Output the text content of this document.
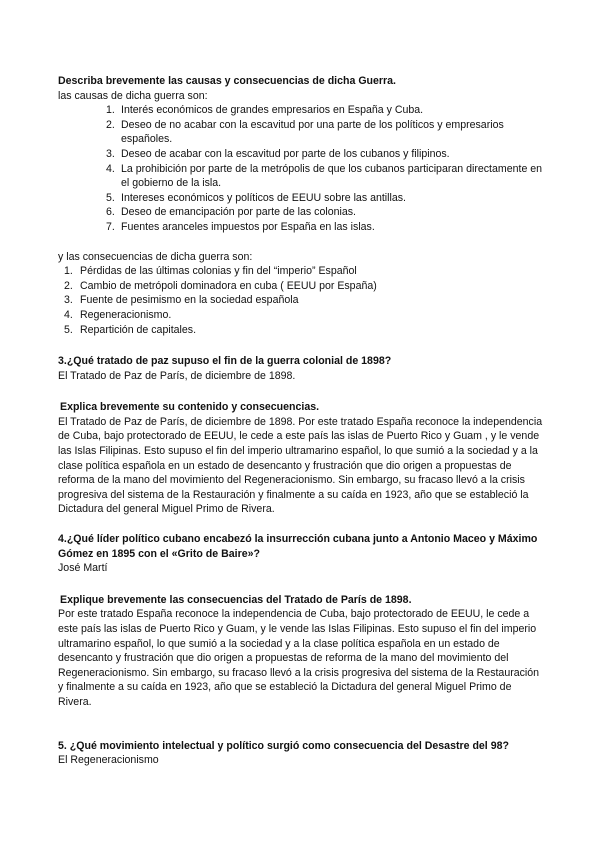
Describa brevemente las causas y consecuencias de dicha Guerra.

las causas de dicha guerra son:

1. Interés económicos de grandes empresarios en España y Cuba.
2. Deseo de no acabar con la escavitud por una parte de los políticos y empresarios españoles.
3. Deseo de acabar con la escavitud por parte de los cubanos y filipinos.
4. La prohibición por parte de la metrópolis de que los cubanos participaran directamente en el gobierno de la isla.
5. Intereses económicos y políticos de EEUU sobre las antillas.
6. Deseo de emancipación por parte de las colonias.
7. Fuentes aranceles impuestos por España en las islas.

y las consecuencias de dicha guerra son:

1. Pérdidas de las últimas colonias y fin del “imperio” Español
2. Cambio de metrópoli dominadora en cuba ( EEUU por España)
3. Fuente de pesimismo en la sociedad española
4. Regeneracionismo.
5. Repartición de capitales.

3.¿Qué tratado de paz supuso el fin de la guerra colonial de 1898?

El Tratado de Paz de París, de diciembre de 1898.

Explica brevemente su contenido y consecuencias.

El Tratado de Paz de París, de diciembre de 1898. Por este tratado España reconoce la independencia de Cuba, bajo protectorado de EEUU, le cede a este país las islas de Puerto Rico y Guam , y le vende las Islas Filipinas. Esto supuso el fin del imperio ultramarino español, lo que sumió a la sociedad y a la clase política española en un estado de desencanto y frustración que dio origen a propuestas de reforma de la mano del movimiento del Regeneracionismo. Sin embargo, su fracaso llevó a la crisis progresiva del sistema de la Restauración y finalmente a su caída en 1923, año que se estableció la Dictadura del general Miguel Primo de Rivera.

4.¿Qué líder político cubano encabezó la insurrección cubana junto a Antonio Maceo y Máximo Gómez en 1895 con el «Grito de Baire»?

José Martí

Explique brevemente las consecuencias del Tratado de París de 1898.

Por este tratado España reconoce la independencia de Cuba, bajo protectorado de EEUU, le cede a este país las islas de Puerto Rico y Guam, y le vende las Islas Filipinas. Esto supuso el fin del imperio ultramarino español, lo que sumió a la sociedad y a la clase política española en un estado de desencanto y frustración que dio origen a propuestas de reforma de la mano del movimiento del Regeneracionismo. Sin embargo, su fracaso llevó a la crisis progresiva del sistema de la Restauración y finalmente a su caída en 1923, año que se estableció la Dictadura del general Miguel Primo de Rivera.

5. ¿Qué movimiento intelectual y político surgió como consecuencia del Desastre del 98?

El Regeneracionismo
